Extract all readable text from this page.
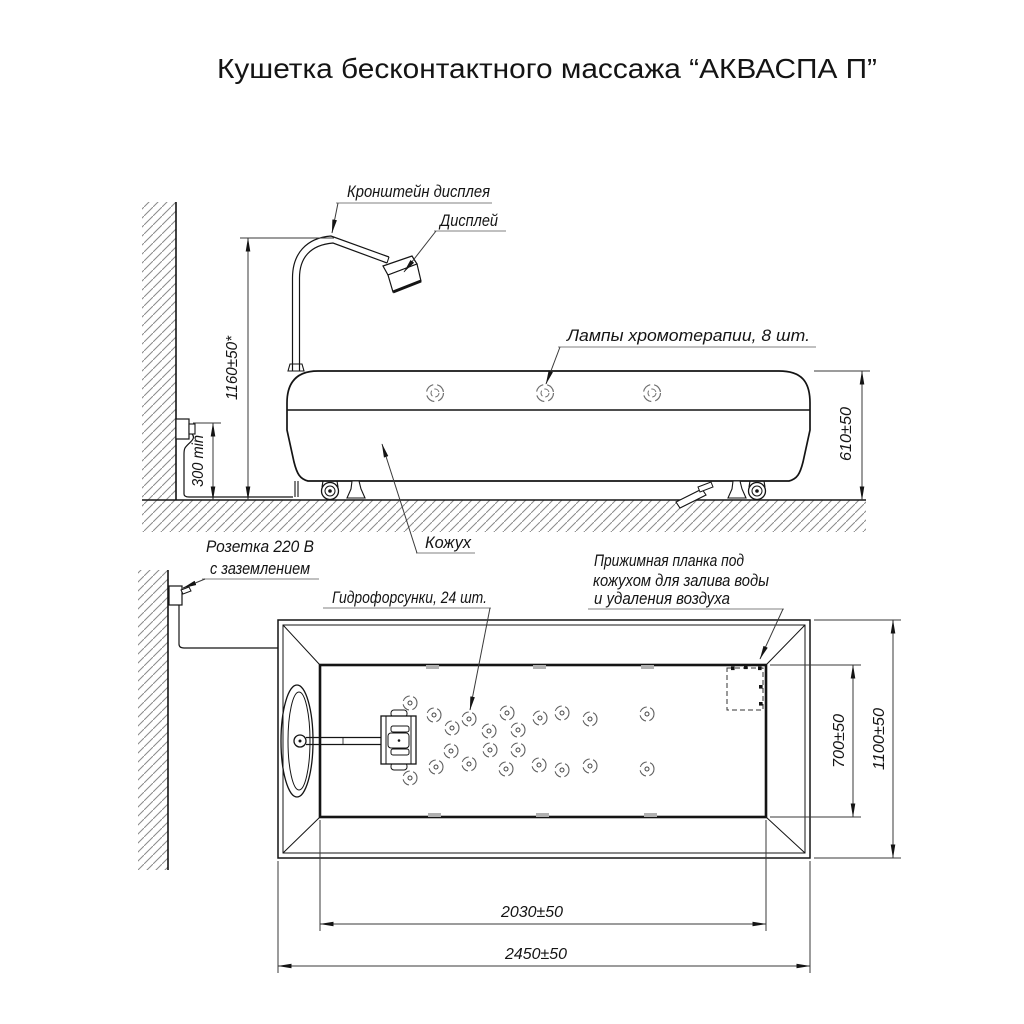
Кушетка бесконтактного массажа “АКВАСПА П”
1160±50*
300 min	610±50
Кронштейн дисплея
Дисплей
Лампы хромотерапии, 8 шт.
Кожух
Розетка 220 В
с заземлением
700±50 1100±50
2030±50
2450±50
Гидрофорсунки, 24 шт.
Прижимная планка под
кожухом для залива воды
и удаления воздуха
